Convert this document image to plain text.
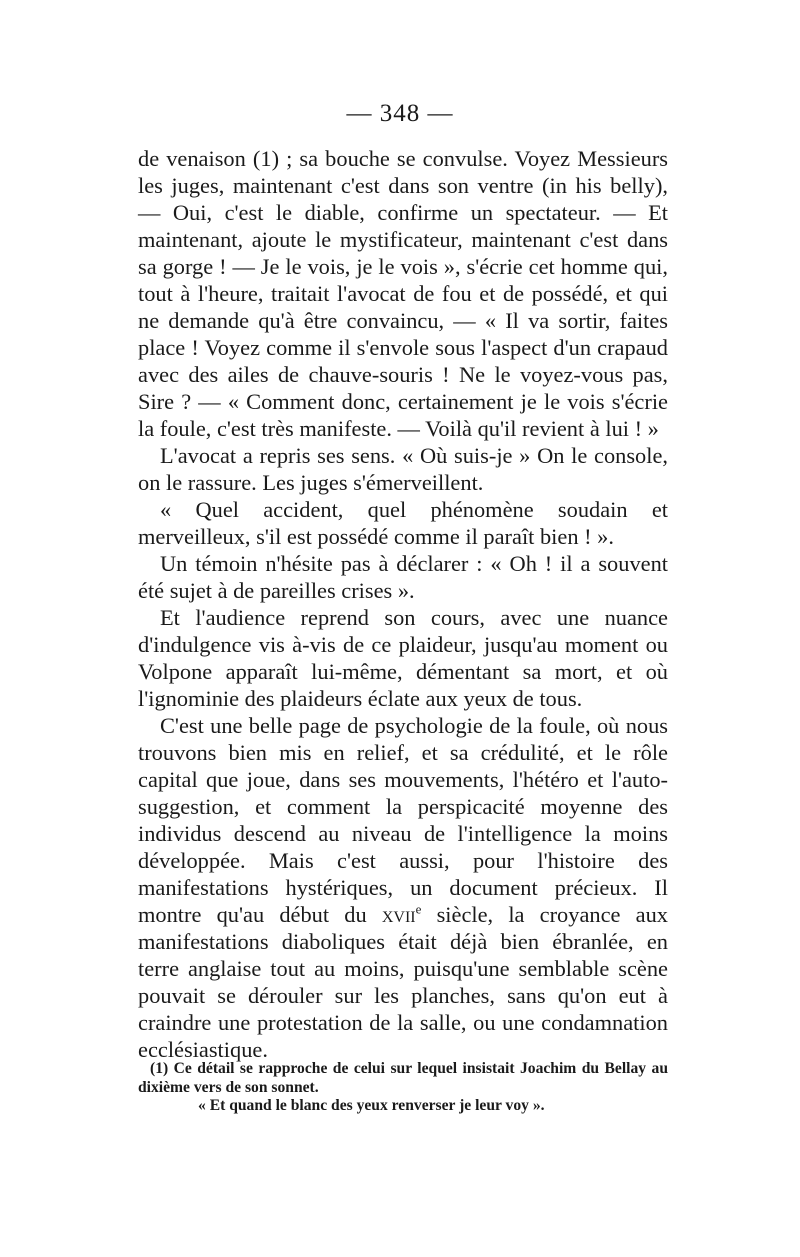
— 348 —

de venaison (1) ; sa bouche se convulse. Voyez Messieurs les juges, maintenant c'est dans son ventre (in his belly), — Oui, c'est le diable, confirme un spectateur. — Et maintenant, ajoute le mystificateur, maintenant c'est dans sa gorge ! — Je le vois, je le vois », s'écrie cet homme qui, tout à l'heure, traitait l'avocat de fou et de possédé, et qui ne demande qu'à être convaincu, — « Il va sortir, faites place ! Voyez comme il s'envole sous l'aspect d'un crapaud avec des ailes de chauve-souris ! Ne le voyez-vous pas, Sire ? — « Comment donc, certainement je le vois s'écrie la foule, c'est très manifeste. — Voilà qu'il revient à lui ! »

L'avocat a repris ses sens. « Où suis-je » On le console, on le rassure. Les juges s'émerveillent.

« Quel accident, quel phénomène soudain et merveilleux, s'il est possédé comme il paraît bien ! ».

Un témoin n'hésite pas à déclarer : « Oh ! il a souvent été sujet à de pareilles crises ».

Et l'audience reprend son cours, avec une nuance d'indulgence vis à-vis de ce plaideur, jusqu'au moment ou Volpone apparaît lui-même, démentant sa mort, et où l'ignominie des plaideurs éclate aux yeux de tous.

C'est une belle page de psychologie de la foule, où nous trouvons bien mis en relief, et sa crédulité, et le rôle capital que joue, dans ses mouvements, l'hétéro et l'auto-suggestion, et comment la perspicacité moyenne des individus descend au niveau de l'intelligence la moins développée. Mais c'est aussi, pour l'histoire des manifestations hystériques, un document précieux. Il montre qu'au début du xvii$^e$ siècle, la croyance aux manifestations diaboliques était déjà bien ébranlée, en terre anglaise tout au moins, puisqu'une semblable scène pouvait se dérouler sur les planches, sans qu'on eut à craindre une protestation de la salle, ou une condamnation ecclésiastique.

(1) Ce détail se rapproche de celui sur lequel insistait Joachim du Bellay au dixième vers de son sonnet.

« Et quand le blanc des yeux renverser je leur voy ».
